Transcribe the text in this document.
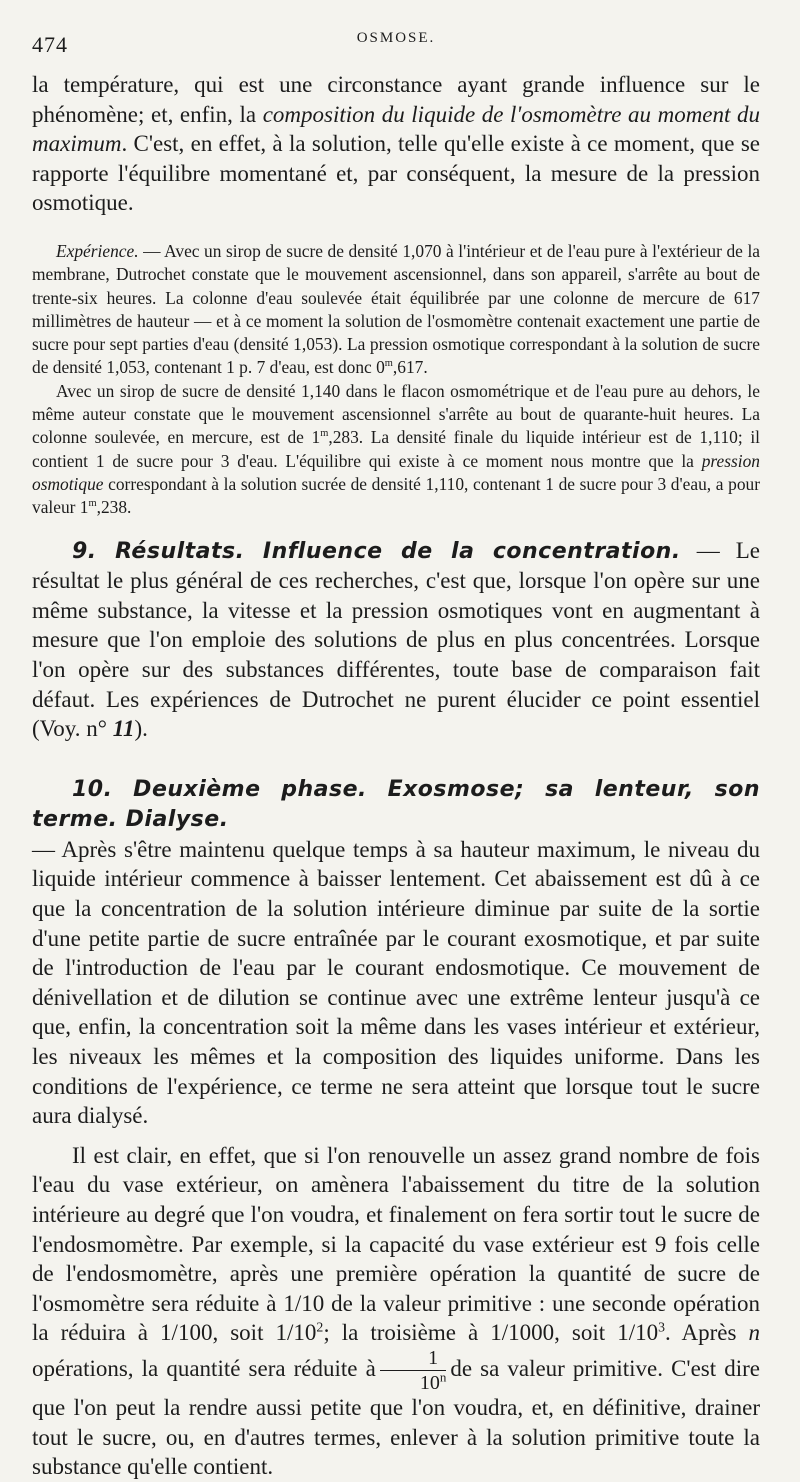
474	OSMOSE.

la température, qui est une circonstance ayant grande influence sur le phénomène; et, enfin, la composition du liquide de l'osmomètre au moment du maximum. C'est, en effet, à la solution, telle qu'elle existe à ce moment, que se rapporte l'équilibre momentané et, par conséquent, la mesure de la pression osmotique.

Expérience. — Avec un sirop de sucre de densité 1,070 à l'intérieur et de l'eau pure à l'extérieur de la membrane, Dutrochet constate que le mouvement ascensionnel, dans son appareil, s'arrête au bout de trente-six heures. La colonne d'eau soulevée était équilibrée par une colonne de mercure de 617 millimètres de hauteur — et à ce moment la solution de l'osmomètre contenait exactement une partie de sucre pour sept parties d'eau (densité 1,053). La pression osmotique correspondant à la solution de sucre de densité 1,053, contenant 1 p. 7 d'eau, est donc 0$^m$,617.

Avec un sirop de sucre de densité 1,140 dans le flacon osmométrique et de l'eau pure au dehors, le même auteur constate que le mouvement ascensionnel s'arrête au bout de quarante-huit heures. La colonne soulevée, en mercure, est de 1$^m$,283. La densité finale du liquide intérieur est de 1,110; il contient 1 de sucre pour 3 d'eau. L'équilibre qui existe à ce moment nous montre que la pression osmotique correspondant à la solution sucrée de densité 1,110, contenant 1 de sucre pour 3 d'eau, a pour valeur 1$^m$,238.

9. Résultats. Influence de la concentration. — Le résultat le plus général de ces recherches, c'est que, lorsque l'on opère sur une même substance, la vitesse et la pression osmotiques vont en augmentant à mesure que l'on emploie des solutions de plus en plus concentrées. Lorsque l'on opère sur des substances différentes, toute base de comparaison fait défaut. Les expériences de Dutrochet ne purent élucider ce point essentiel (Voy. n° 11).

10. Deuxième phase. Exosmose; sa lenteur, son terme. Dialyse.

— Après s'être maintenu quelque temps à sa hauteur maximum, le niveau du liquide intérieur commence à baisser lentement. Cet abaissement est dû à ce que la concentration de la solution intérieure diminue par suite de la sortie d'une petite partie de sucre entraînée par le courant exosmotique, et par suite de l'introduction de l'eau par le courant endosmotique. Ce mouvement de dénivellation et de dilution se continue avec une extrême lenteur jusqu'à ce que, enfin, la concentration soit la même dans les vases intérieur et extérieur, les niveaux les mêmes et la composition des liquides uniforme. Dans les conditions de l'expérience, ce terme ne sera atteint que lorsque tout le sucre aura dialysé.

Il est clair, en effet, que si l'on renouvelle un assez grand nombre de fois l'eau du vase extérieur, on amènera l'abaissement du titre de la solution intérieure au degré que l'on voudra, et finalement on fera sortir tout le sucre de l'endosmomètre. Par exemple, si la capacité du vase extérieur est 9 fois celle de l'endosmomètre, après une première opération la quantité de sucre de l'osmomètre sera réduite à 1/10 de la valeur primitive : une seconde opération la réduira à 1/100, soit $1/10^2$; la troisième à 1/1000, soit $1/10^3$. Après n opérations, la quantité sera réduite à $\frac{1}{10^n}$ de sa valeur primitive. C'est dire que l'on peut la rendre aussi petite que l'on voudra, et, en définitive, drainer tout le sucre, ou, en d'autres termes, enlever à la solution primitive toute la substance qu'elle contient.
